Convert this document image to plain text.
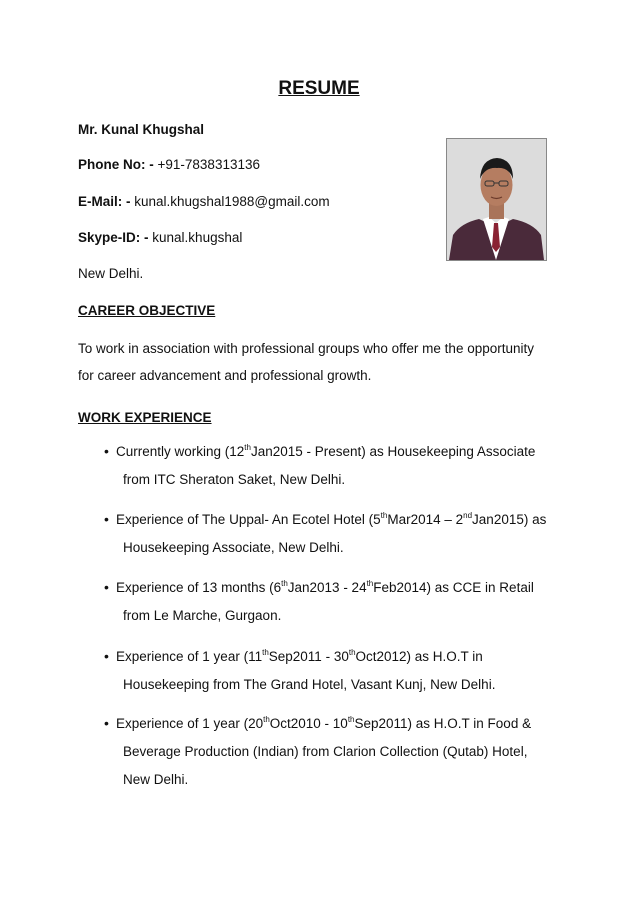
RESUME
Mr. Kunal Khugshal
Phone No: - +91-7838313136
E-Mail: - kunal.khugshal1988@gmail.com
Skype-ID: - kunal.khugshal
New Delhi.
CAREER OBJECTIVE
To work in association with professional groups who offer me the opportunity
for career advancement and professional growth.
WORK EXPERIENCE
• Currently working (12thJan2015 - Present) as Housekeeping Associate
from ITC Sheraton Saket, New Delhi.
• Experience of The Uppal- An Ecotel Hotel (5thMar2014 – 2ndJan2015) as
Housekeeping Associate, New Delhi.
• Experience of 13 months (6thJan2013 - 24thFeb2014) as CCE in Retail
from Le Marche, Gurgaon.
• Experience of 1 year (11thSep2011 - 30thOct2012) as H.O.T in
Housekeeping from The Grand Hotel, Vasant Kunj, New Delhi.
• Experience of 1 year (20thOct2010 - 10thSep2011) as H.O.T in Food &
Beverage Production (Indian) from Clarion Collection (Qutab) Hotel,
New Delhi.
